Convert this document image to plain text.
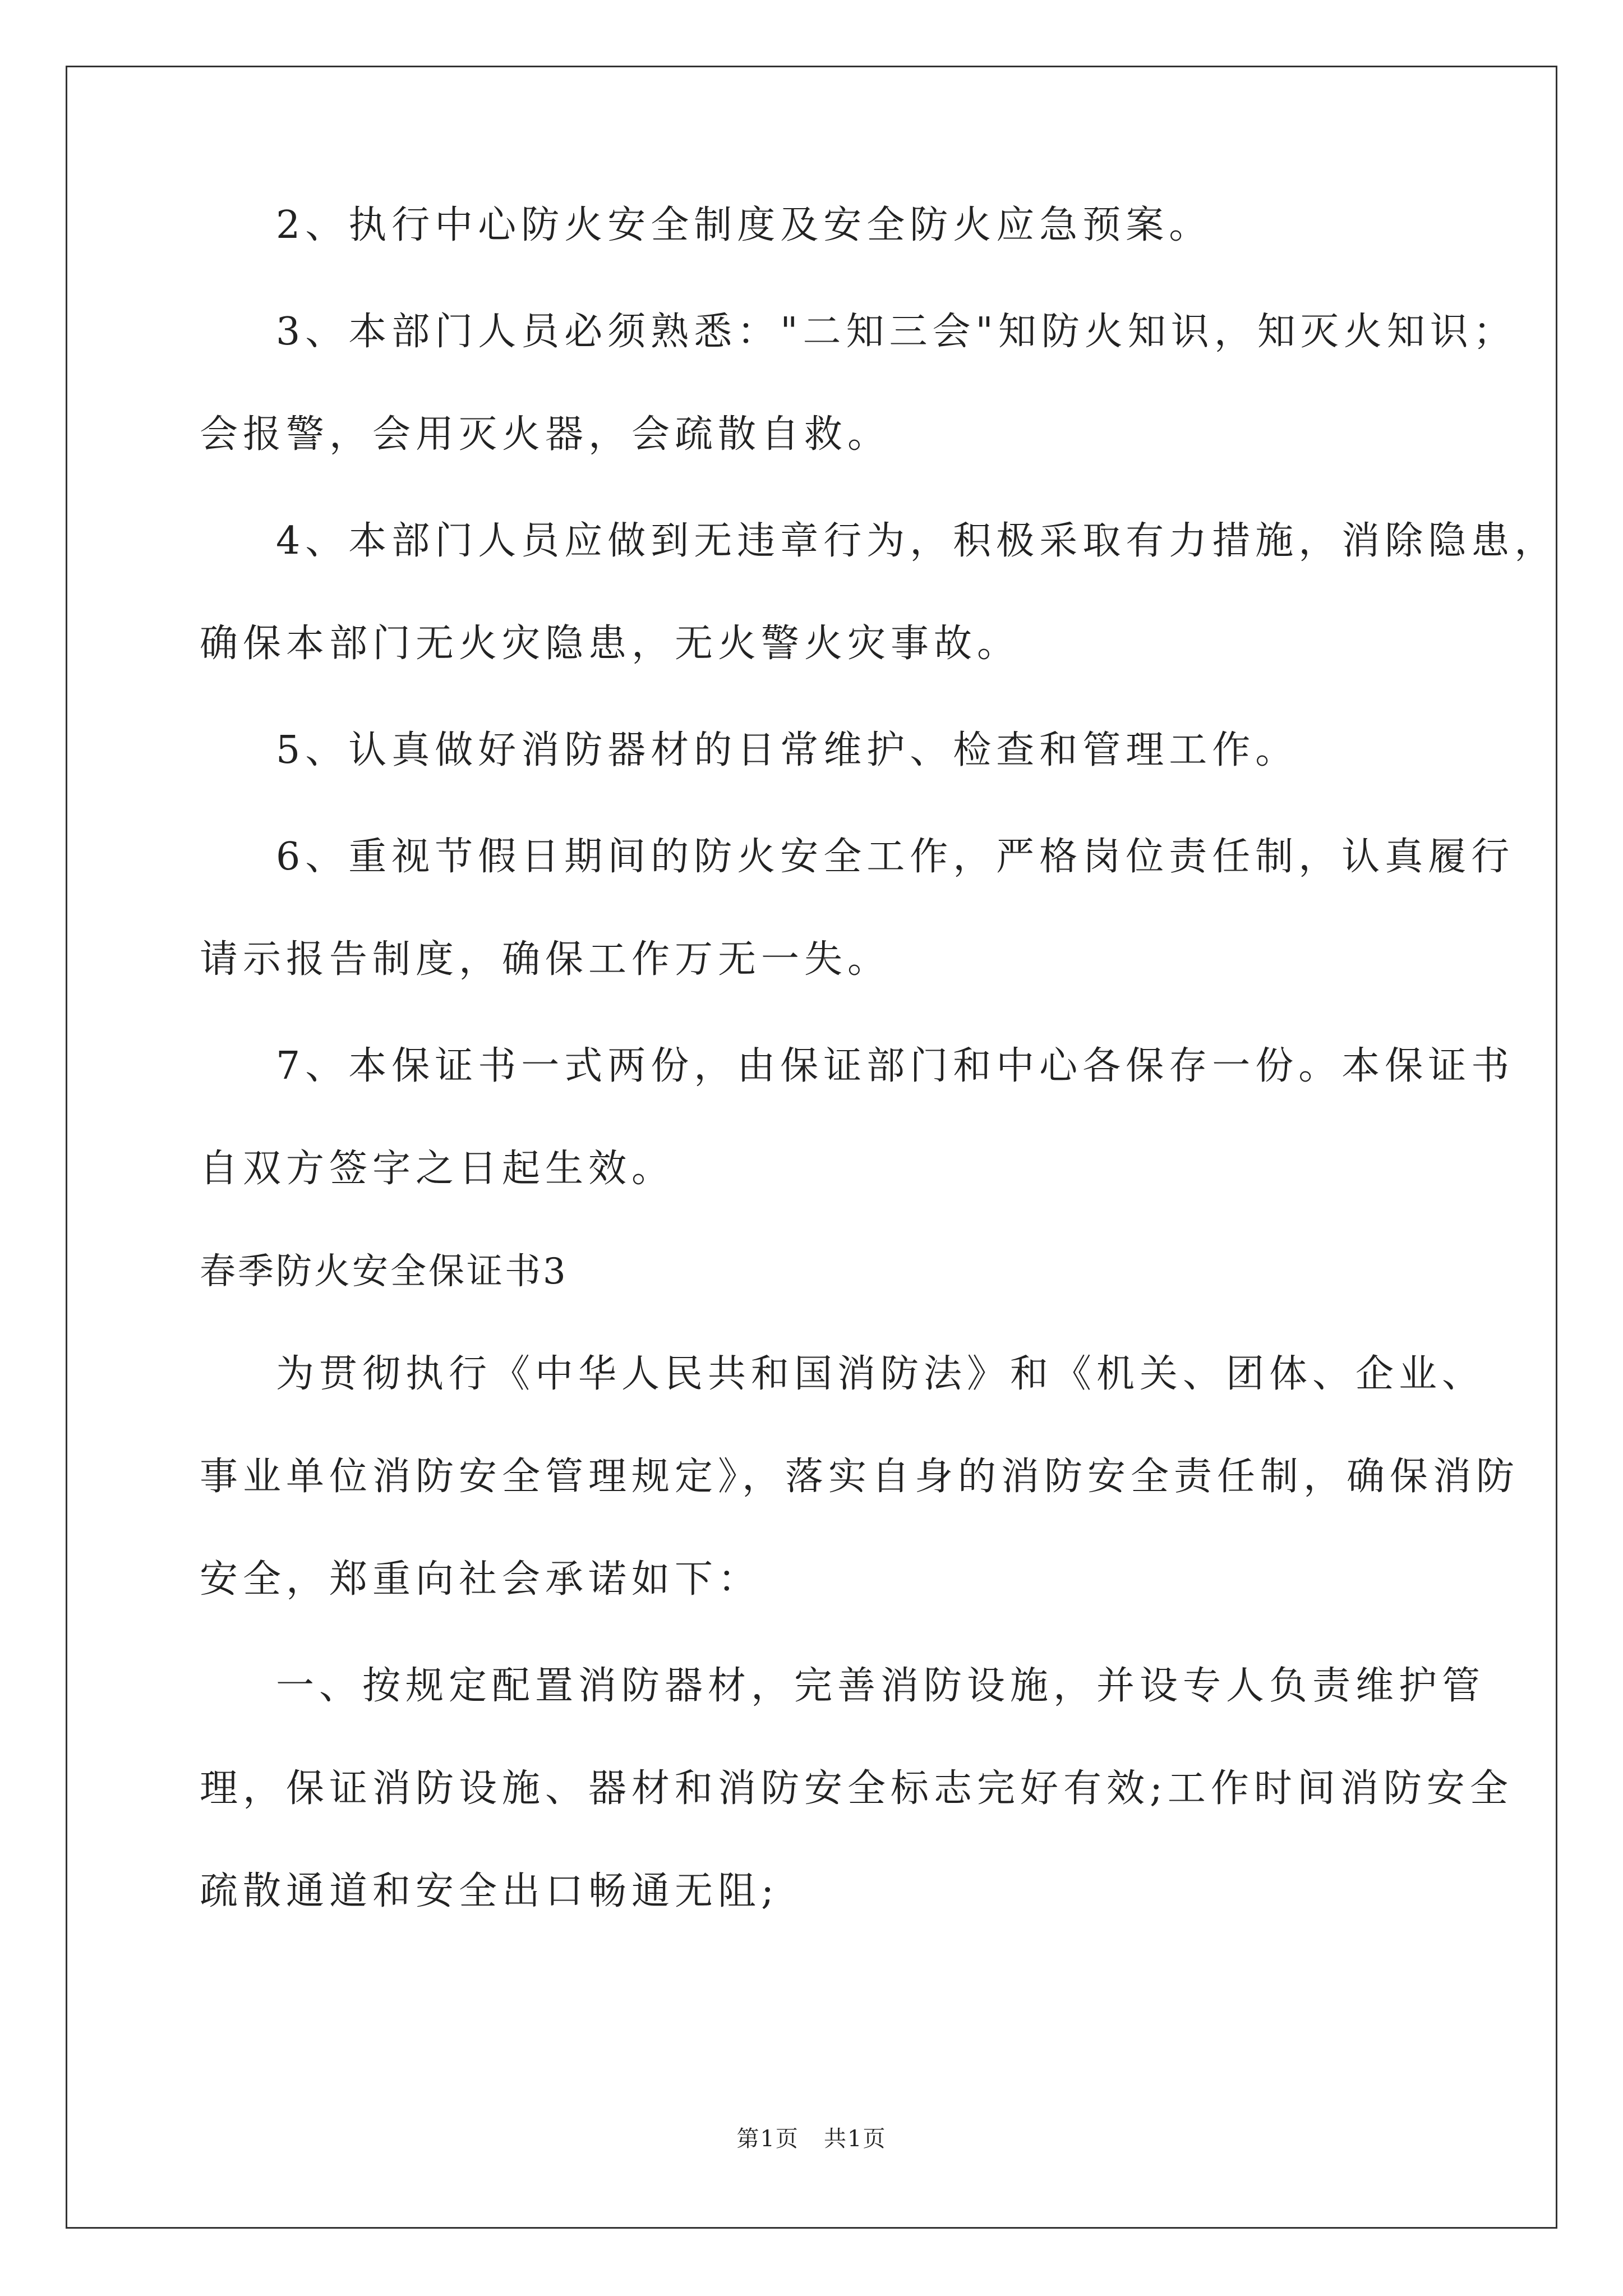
2、执行中心防火安全制度及安全防火应急预案。
3、本部门人员必须熟悉："二知三会"知防火知识，知灭火知识；
会报警，会用灭火器，会疏散自救。
4、本部门人员应做到无违章行为，积极采取有力措施，消除隐患，
确保本部门无火灾隐患，无火警火灾事故。
5、认真做好消防器材的日常维护、检查和管理工作。
6、重视节假日期间的防火安全工作，严格岗位责任制，认真履行
请示报告制度，确保工作万无一失。
7、本保证书一式两份，由保证部门和中心各保存一份。本保证书
自双方签字之日起生效。
春季防火安全保证书3
为贯彻执行《中华人民共和国消防法》和《机关、团体、企业、
事业单位消防安全管理规定》，落实自身的消防安全责任制，确保消防
安全，郑重向社会承诺如下：
一、按规定配置消防器材，完善消防设施，并设专人负责维护管
理，保证消防设施、器材和消防安全标志完好有效;工作时间消防安全
疏散通道和安全出口畅通无阻;
第1页   共1页
